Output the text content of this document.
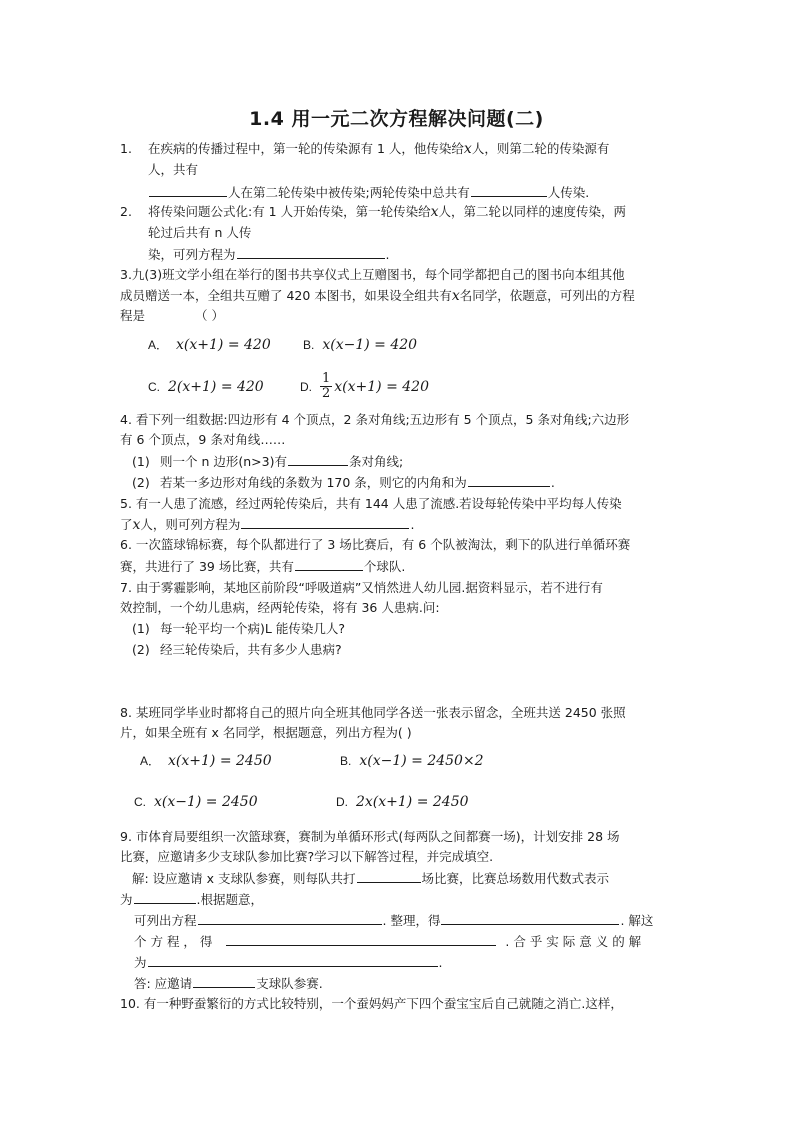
1.4 用一元二次方程解决问题(二)
1. 在疾病的传播过程中，第一轮的传染源有 1 人，他传染给x人，则第二轮的传染源有
人，共有
人在第二轮传染中被传染;两轮传染中总共有	人传染.
2. 将传染问题公式化:有 1 人开始传染，第一轮传染给x人，第二轮以同样的速度传染，两
轮过后共有 n 人传
染，可列方程为	.
3.九(3)班文学小组在举行的图书共享仪式上互赠图书，每个同学都把自己的图书向本组其他
成员赠送一本，全组共互赠了 420 本图书，如果设全组共有x名同学，依题意，可列出的方程
程是	（ ）
A． x(x+1) = 420	B. x(x−1) = 420
C. 2(x+1) = 420	D. $\frac{1}{2} x(x+1) = 420$
4. 看下列一组数据:四边形有 4 个顶点，2 条对角线;五边形有 5 个顶点，5 条对角线;六边形
有 6 个顶点，9 条对角线……
(1) 则一个 n 边形(n>3)有	条对角线;
(2) 若某一多边形对角线的条数为 170 条，则它的内角和为	.
5. 有一人患了流感，经过两轮传染后，共有 144 人患了流感.若设每轮传染中平均每人传染
了x人，则可列方程为	.
6. 一次篮球锦标赛，每个队都进行了 3 场比赛后，有 6 个队被淘汰，剩下的队进行单循环赛
赛，共进行了 39 场比赛，共有	个球队.
7. 由于雾霾影响，某地区前阶段“呼吸道病”又悄然进人幼儿园.据资料显示，若不进行有
效控制，一个幼儿患病，经两轮传染，将有 36 人患病.问:
(1) 每一轮平均一个病)L 能传染几人?
(2) 经三轮传染后，共有多少人患病?
8. 某班同学毕业时都将自己的照片向全班其他同学各送一张表示留念，全班共送 2450 张照
片，如果全班有 x 名同学，根据题意，列出方程为( )
A． x(x+1) = 2450	B. x(x−1) = 2450×2
C. x(x−1) = 2450	D. 2x(x+1) = 2450
9. 市体育局要组织一次篮球赛，赛制为单循环形式(每两队之间都赛一场)，计划安排 28 场
比赛，应邀请多少支球队参加比赛?学习以下解答过程，并完成填空.
解: 设应邀请 x 支球队参赛，则每队共打	场比赛，比赛总场数用代数式表示
为	.根据题意，
可列出方程	. 整理，得	. 解这
个 方 程 ， 得	. 合 乎 实 际 意 义 的 解
为	.
答: 应邀请	支球队参赛.
10. 有一种野蚕繁衍的方式比较特别，一个蚕妈妈产下四个蚕宝宝后自己就随之消亡.这样，
